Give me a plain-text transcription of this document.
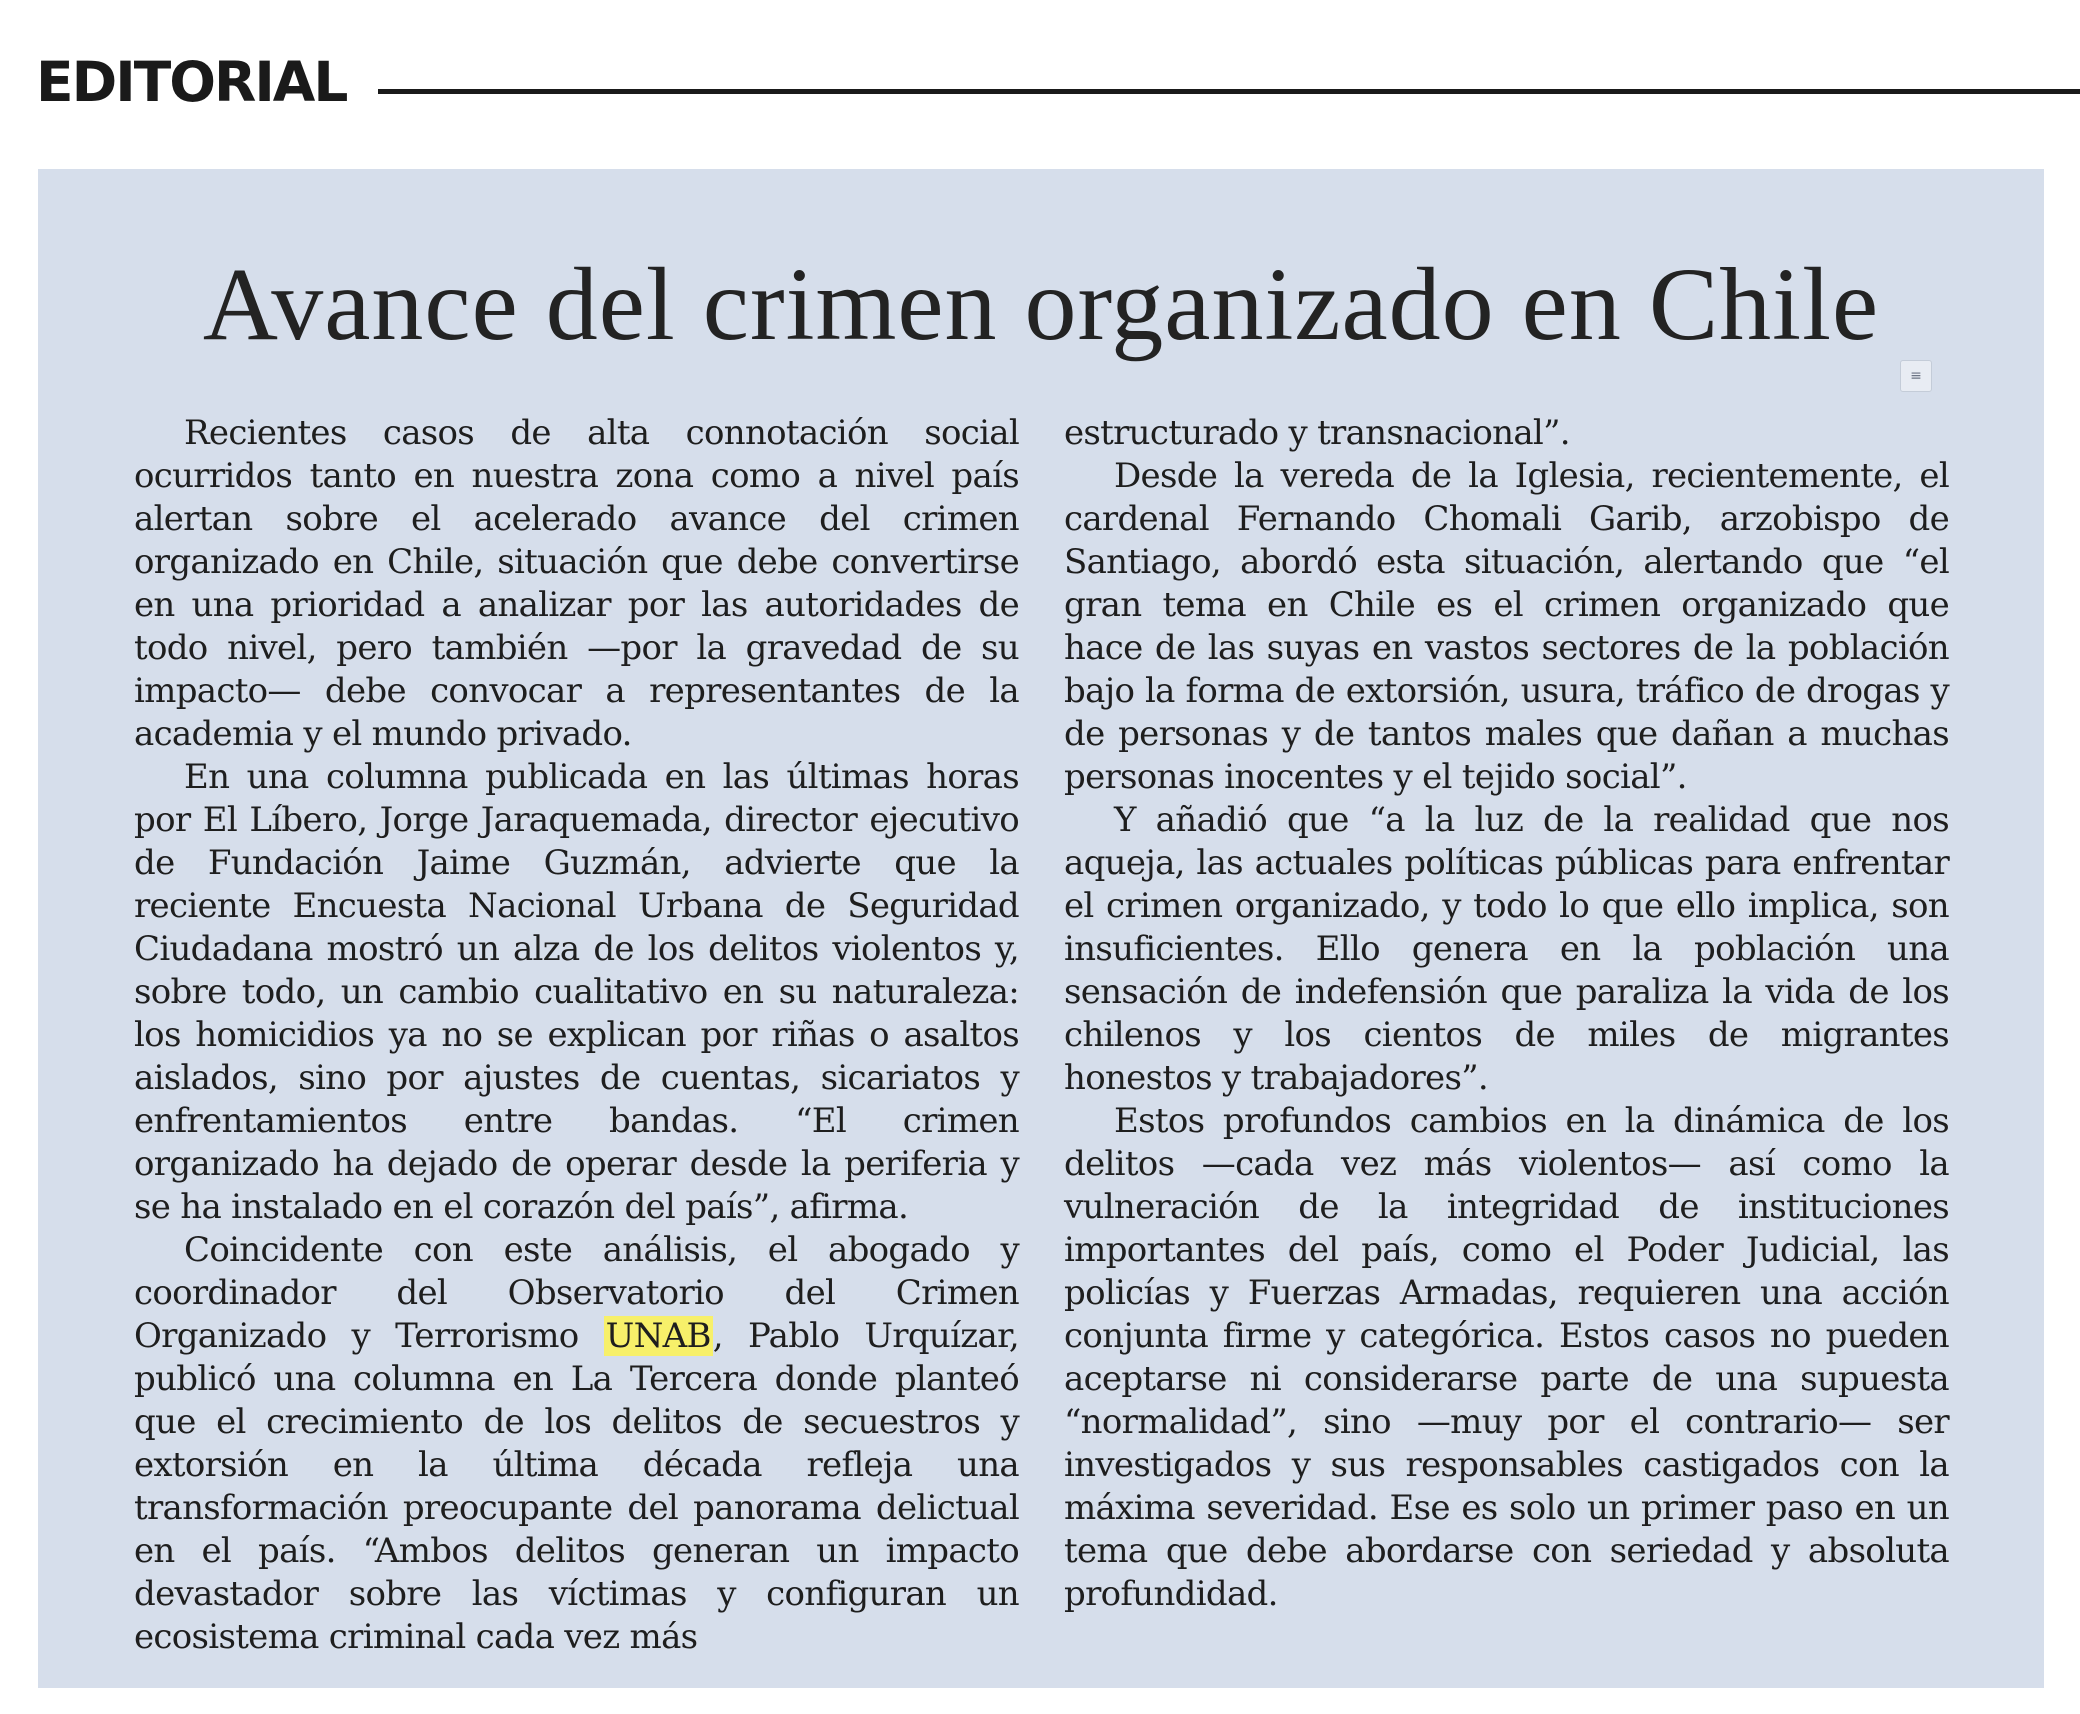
EDITORIAL
Avance del crimen organizado en Chile
≡

Recientes casos de alta connotación social ocurridos tanto en nuestra zona como a nivel país alertan sobre el acelerado avance del crimen organizado en Chile, situación que debe convertirse en una prioridad a analizar por las autoridades de todo nivel, pero también —por la gravedad de su impacto— debe convocar a representantes de la academia y el mundo privado.

En una columna publicada en las últimas horas por El Líbero, Jorge Jaraquemada, director ejecutivo de Fundación Jaime Guzmán, advierte que la reciente Encuesta Nacional Urbana de Seguridad Ciudadana mostró un alza de los delitos violentos y, sobre todo, un cambio cualitativo en su naturaleza: los homicidios ya no se explican por riñas o asaltos aislados, sino por ajustes de cuentas, sicariatos y enfrentamientos entre bandas. “El crimen organizado ha dejado de operar desde la periferia y se ha instalado en el corazón del país”, afirma.

Coincidente con este análisis, el abogado y coordinador del Observatorio del Crimen Organizado y Terrorismo UNAB, Pablo Urquízar, publicó una columna en La Tercera donde planteó que el crecimiento de los delitos de secuestros y extorsión en la última década refleja una transformación preocupante del panorama delictual en el país. “Ambos delitos generan un impacto devastador sobre las víctimas y configuran un ecosistema criminal cada vez más

estructurado y transnacional”.

Desde la vereda de la Iglesia, recientemente, el cardenal Fernando Chomali Garib, arzobispo de Santiago, abordó esta situación, alertando que “el gran tema en Chile es el crimen organizado que hace de las suyas en vastos sectores de la población bajo la forma de extorsión, usura, tráfico de drogas y de personas y de tantos males que dañan a muchas personas inocentes y el tejido social”.

Y añadió que “a la luz de la realidad que nos aqueja, las actuales políticas públicas para enfrentar el crimen organizado, y todo lo que ello implica, son insuficientes. Ello genera en la población una sensación de indefensión que paraliza la vida de los chilenos y los cientos de miles de migrantes honestos y trabajadores”.

Estos profundos cambios en la dinámica de los delitos —cada vez más violentos— así como la vulneración de la integridad de instituciones importantes del país, como el Poder Judicial, las policías y Fuerzas Armadas, requieren una acción conjunta firme y categórica. Estos casos no pueden aceptarse ni considerarse parte de una supuesta “normalidad”, sino —muy por el contrario— ser investigados y sus responsables castigados con la máxima severidad. Ese es solo un primer paso en un tema que debe abordarse con seriedad y absoluta profundidad.
